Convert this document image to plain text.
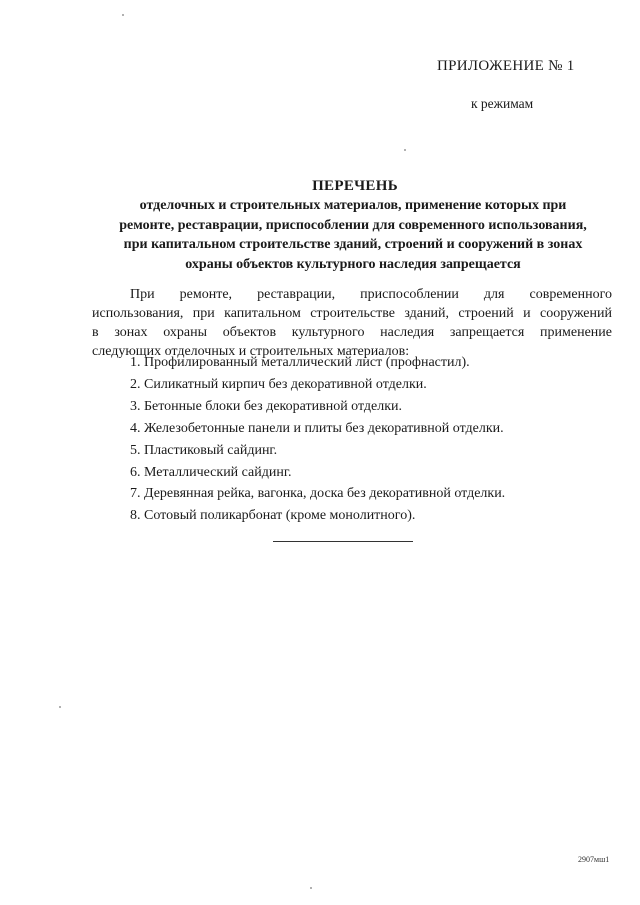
ПРИЛОЖЕНИЕ № 1
к режимам
ПЕРЕЧЕНЬ
отделочных и строительных материалов, применение которых при
ремонте, реставрации, приспособлении для современного использования,
при капитальном строительстве зданий, строений и сооружений в зонах
охраны объектов культурного наследия запрещается
При ремонте, реставрации, приспособлении для современного
использования, при капитальном строительстве зданий, строений и сооружений
в зонах охраны объектов культурного наследия запрещается применение
следующих отделочных и строительных материалов:
1. Профилированный металлический лист (профнастил).
2. Силикатный кирпич без декоративной отделки.
3. Бетонные блоки без декоративной отделки.
4. Железобетонные панели и плиты без декоративной отделки.
5. Пластиковый сайдинг.
6. Металлический сайдинг.
7. Деревянная рейка, вагонка, доска без декоративной отделки.
8. Сотовый поликарбонат (кроме монолитного).
2907мш1
